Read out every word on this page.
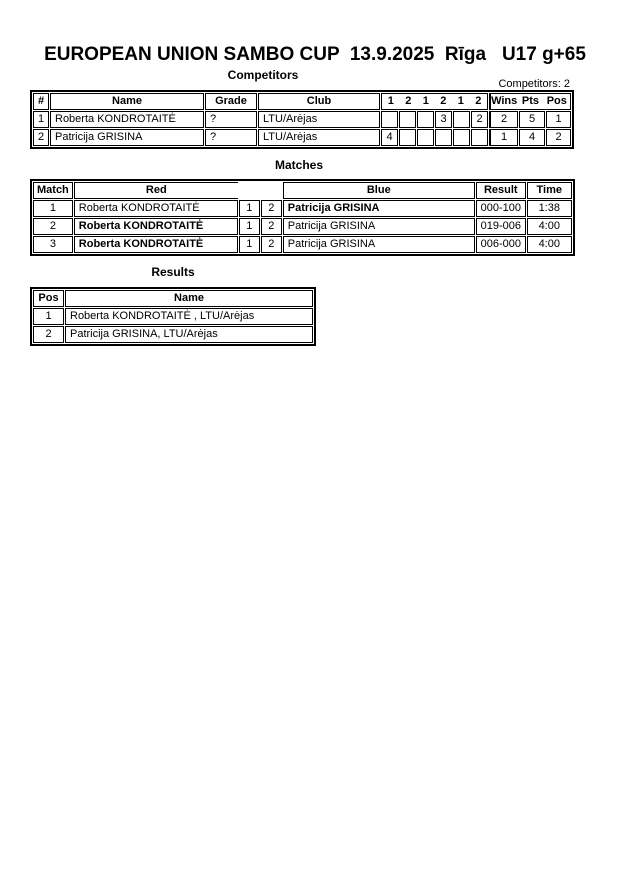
EUROPEAN UNION SAMBO CUP  13.9.2025  Rīga   U17 g+65
Competitors
Competitors: 2
#	Name	Grade	Club	1	2	1	2	1	2	Wins Pts Pos

1	Roberta KONDROTAITĖ	?	LTU/Arėjas				3		2	2	5	1
2	Patricija GRISINA	?	LTU/Arėjas	4						1	4	2
Matches
Match	Red			Blue	Result	Time
1	Roberta KONDROTAITĖ	1	2	Patricija GRISINA	000-100	1:38
2	Roberta KONDROTAITĖ	1	2	Patricija GRISINA	019-006	4:00
3	Roberta KONDROTAITĖ	1	2	Patricija GRISINA	006-000	4:00
Results
Pos	Name
1	Roberta KONDROTAITĖ , LTU/Arėjas
2	Patricija GRISINA, LTU/Arėjas
